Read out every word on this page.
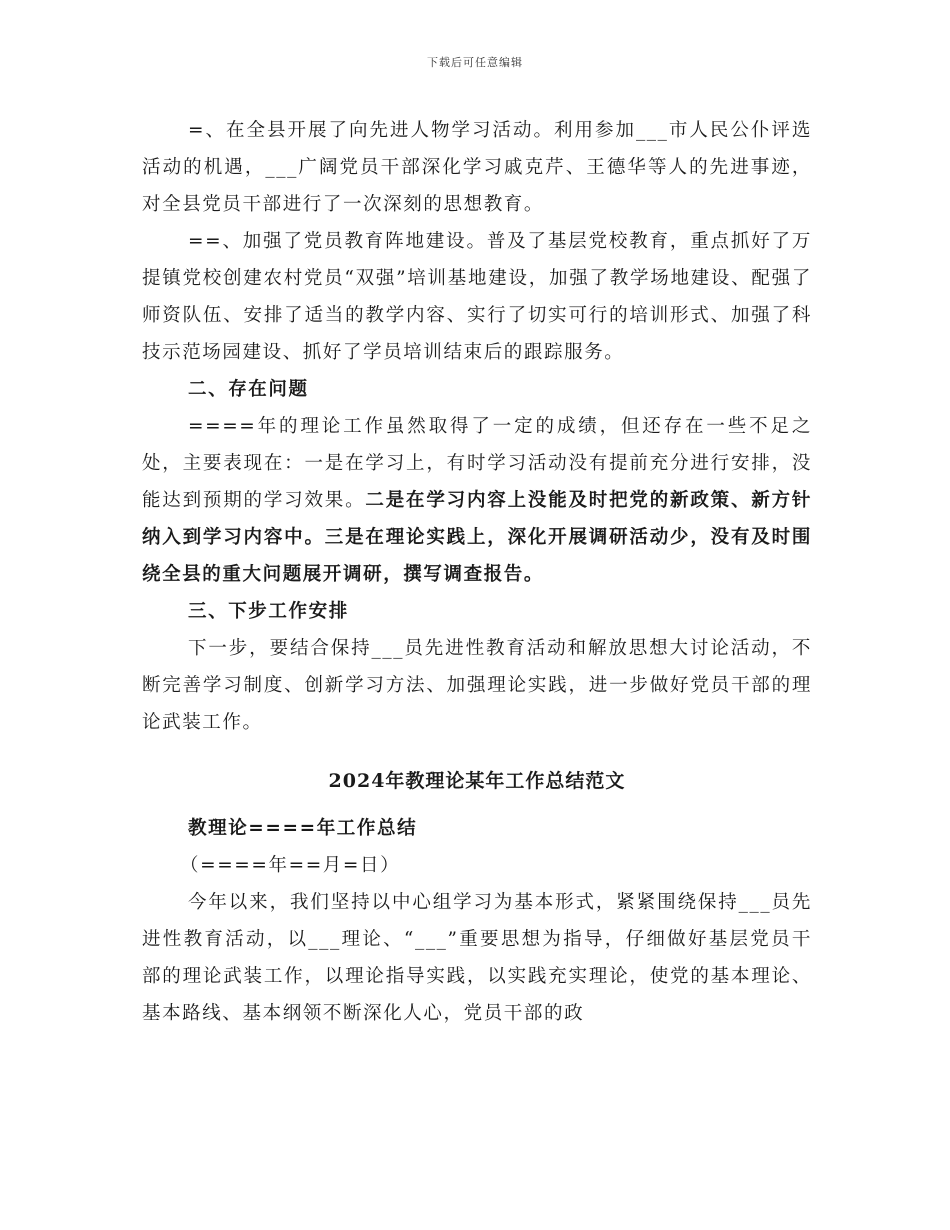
下载后可任意编辑

=、在全县开展了向先进人物学习活动。利用参加___市人民公仆评选活动的机遇，___广阔党员干部深化学习戚克芹、王德华等人的先进事迹，对全县党员干部进行了一次深刻的思想教育。

==、加强了党员教育阵地建设。普及了基层党校教育，重点抓好了万提镇党校创建农村党员“双强”培训基地建设，加强了教学场地建设、配强了师资队伍、安排了适当的教学内容、实行了切实可行的培训形式、加强了科技示范场园建设、抓好了学员培训结束后的跟踪服务。

二、存在问题

====年的理论工作虽然取得了一定的成绩，但还存在一些不足之处，主要表现在：一是在学习上，有时学习活动没有提前充分进行安排，没能达到预期的学习效果。二是在学习内容上没能及时把党的新政策、新方针纳入到学习内容中。三是在理论实践上，深化开展调研活动少，没有及时围绕全县的重大问题展开调研，撰写调查报告。

三、下步工作安排

下一步，要结合保持___员先进性教育活动和解放思想大讨论活动，不断完善学习制度、创新学习方法、加强理论实践，进一步做好党员干部的理论武装工作。

2024年教理论某年工作总结范文

教理论====年工作总结

（====年==月=日）

今年以来，我们坚持以中心组学习为基本形式，紧紧围绕保持___员先进性教育活动，以___理论、“___”重要思想为指导，仔细做好基层党员干部的理论武装工作，以理论指导实践，以实践充实理论，使党的基本理论、基本路线、基本纲领不断深化人心，党员干部的政
